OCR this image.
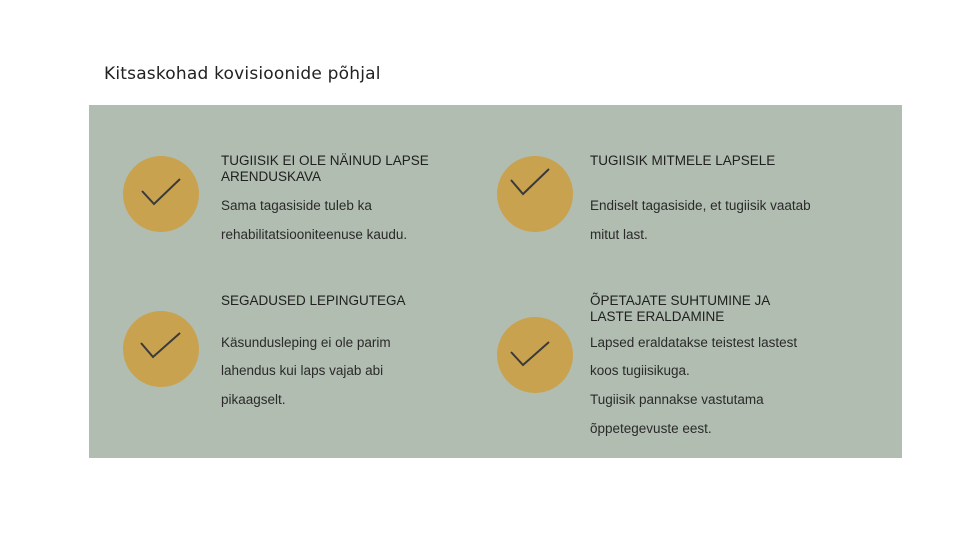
Kitsaskohad kovisioonide põhjal
TUGIISIK EI OLE NÄINUD LAPSE
ARENDUSKAVA
Sama tagasiside tuleb ka
rehabilitatsiooniteenuse kaudu.
TUGIISIK MITMELE LAPSELE
Endiselt tagasiside, et tugiisik vaatab
mitut last.
SEGADUSED LEPINGUTEGA
Käsundusleping ei ole parim
lahendus kui laps vajab abi
pikaagselt.
ÕPETAJATE SUHTUMINE JA
LASTE ERALDAMINE
Lapsed eraldatakse teistest lastest
koos tugiisikuga.
Tugiisik pannakse vastutama
õppetegevuste eest.
